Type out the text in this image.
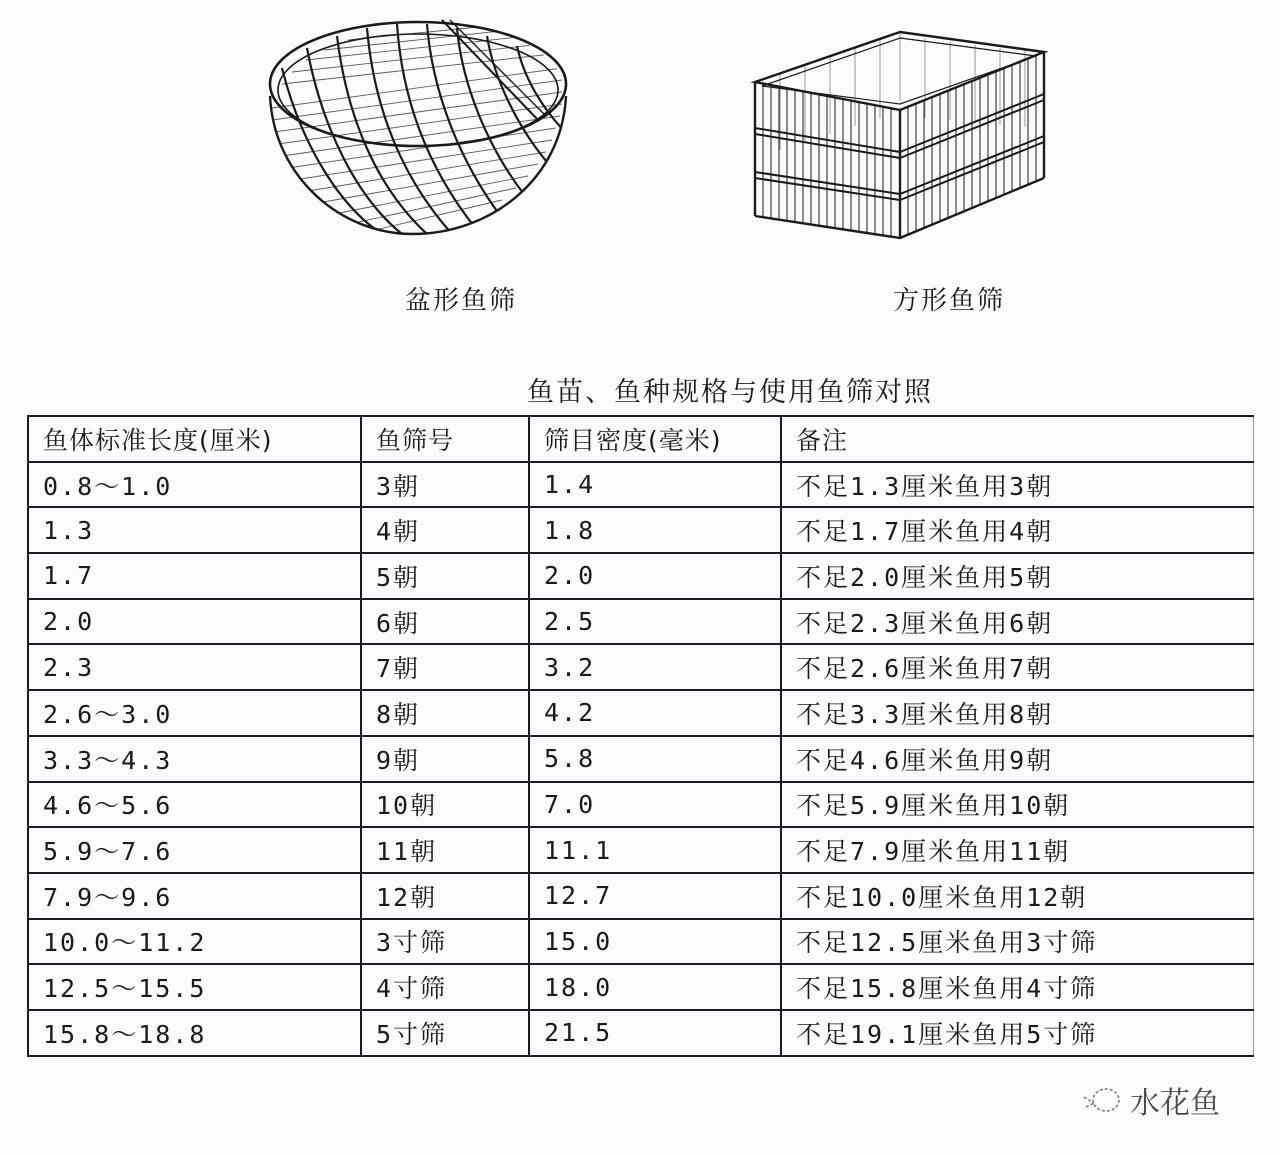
盆形鱼筛	方形鱼筛
鱼苗、鱼种规格与使用鱼筛对照
鱼体标准长度(厘米)	鱼筛号	筛目密度(毫米)	备注
0.8～1.0	3朝	1.4	不足1.3厘米鱼用3朝
1.3	4朝	1.8	不足1.7厘米鱼用4朝
1.7	5朝	2.0	不足2.0厘米鱼用5朝
2.0	6朝	2.5	不足2.3厘米鱼用6朝
2.3	7朝	3.2	不足2.6厘米鱼用7朝
2.6～3.0	8朝	4.2	不足3.3厘米鱼用8朝
3.3～4.3	9朝	5.8	不足4.6厘米鱼用9朝
4.6～5.6	10朝	7.0	不足5.9厘米鱼用10朝
5.9～7.6	11朝	11.1	不足7.9厘米鱼用11朝
7.9～9.6	12朝	12.7	不足10.0厘米鱼用12朝
10.0～11.2	3寸筛	15.0	不足12.5厘米鱼用3寸筛
12.5～15.5	4寸筛	18.0	不足15.8厘米鱼用4寸筛
15.8～18.8	5寸筛	21.5	不足19.1厘米鱼用5寸筛
水花鱼
